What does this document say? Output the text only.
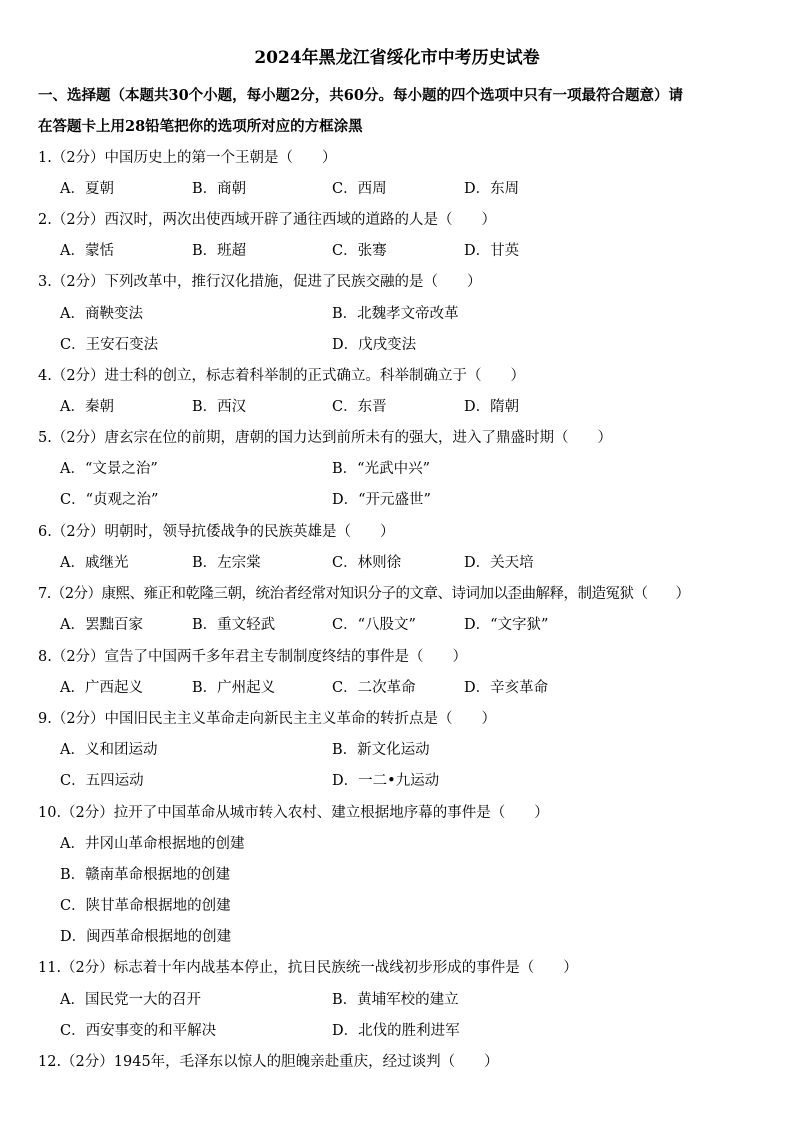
2024年黑龙江省绥化市中考历史试卷
一、选择题（本题共30个小题，每小题2分，共60分。每小题的四个选项中只有一项最符合题意）请
在答题卡上用28铅笔把你的选项所对应的方框涂黑
1.（2分）中国历史上的第一个王朝是（　　）
A．夏朝	B．商朝	C．西周	D．东周
2.（2分）西汉时，两次出使西域开辟了通往西域的道路的人是（　　）
A．蒙恬	B．班超	C．张骞	D．甘英
3.（2分）下列改革中，推行汉化措施，促进了民族交融的是（　　）
A．商鞅变法	B．北魏孝文帝改革
C．王安石变法	D．戊戌变法
4.（2分）进士科的创立，标志着科举制的正式确立。科举制确立于（　　）
A．秦朝	B．西汉	C．东晋	D．隋朝
5.（2分）唐玄宗在位的前期，唐朝的国力达到前所未有的强大，进入了鼎盛时期（　　）
A．“文景之治”	B．“光武中兴”
C．“贞观之治”	D．“开元盛世”
6.（2分）明朝时，领导抗倭战争的民族英雄是（　　）
A．戚继光	B．左宗棠	C．林则徐	D．关天培
7.（2分）康熙、雍正和乾隆三朝，统治者经常对知识分子的文章、诗词加以歪曲解释，制造冤狱（　　）
A．罢黜百家	B．重文轻武	C．“八股文”	D．“文字狱”
8.（2分）宣告了中国两千多年君主专制制度终结的事件是（　　）
A．广西起义	B．广州起义	C．二次革命	D．辛亥革命
9.（2分）中国旧民主主义革命走向新民主主义革命的转折点是（　　）
A．义和团运动	B．新文化运动
C．五四运动	D．一二•九运动
10.（2分）拉开了中国革命从城市转入农村、建立根据地序幕的事件是（　　）
A．井冈山革命根据地的创建
B．赣南革命根据地的创建
C．陕甘革命根据地的创建
D．闽西革命根据地的创建
11.（2分）标志着十年内战基本停止，抗日民族统一战线初步形成的事件是（　　）
A．国民党一大的召开	B．黄埔军校的建立
C．西安事变的和平解决	D．北伐的胜利进军
12.（2分）1945年，毛泽东以惊人的胆魄亲赴重庆，经过谈判（　　）
